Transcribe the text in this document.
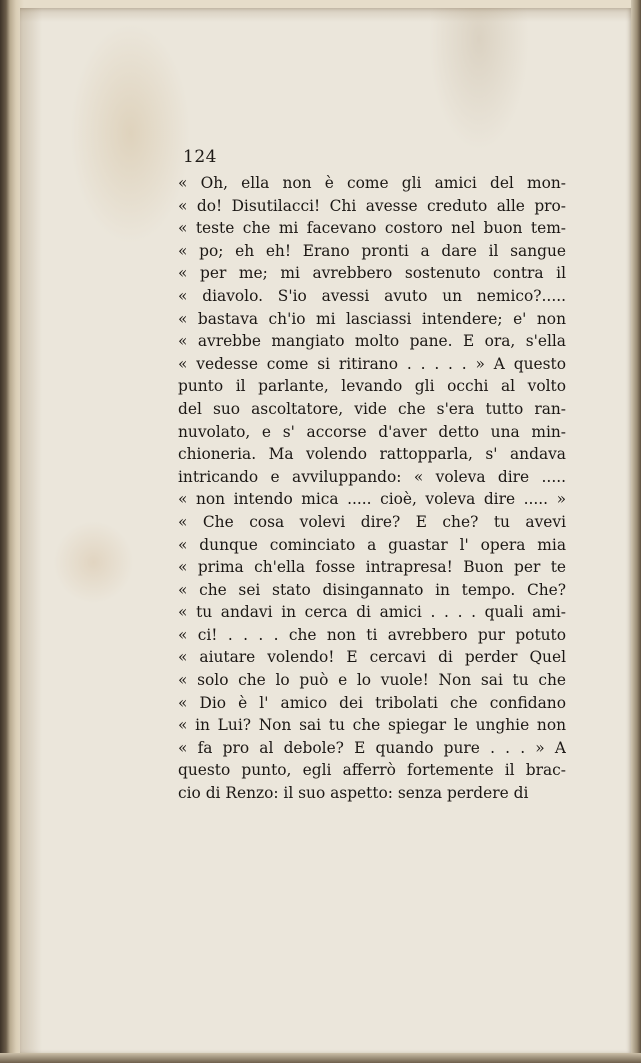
124
« Oh, ella non è come gli amici del mon-
« do! Disutilacci! Chi avesse creduto alle pro-
« teste che mi facevano costoro nel buon tem-
« po; eh eh! Erano pronti a dare il sangue
« per me; mi avrebbero sostenuto contra il
« diavolo. S'io avessi avuto un nemico?.....
« bastava ch'io mi lasciassi intendere; e' non
« avrebbe mangiato molto pane. E ora, s'ella
« vedesse come si ritirano . . . . . » A questo
punto il parlante, levando gli occhi al volto
del suo ascoltatore, vide che s'era tutto ran-
nuvolato, e s' accorse d'aver detto una min-
chioneria. Ma volendo rattopparla, s' andava
intricando e avviluppando: « voleva dire .....
« non intendo mica ..... cioè, voleva dire ..... »
« Che cosa volevi dire? E che? tu avevi
« dunque cominciato a guastar l' opera mia
« prima ch'ella fosse intrapresa! Buon per te
« che sei stato disingannato in tempo. Che?
« tu andavi in cerca di amici . . . . quali ami-
« ci! . . . . che non ti avrebbero pur potuto
« aiutare volendo! E cercavi di perder Quel
« solo che lo può e lo vuole! Non sai tu che
« Dio è l' amico dei tribolati che confidano
« in Lui? Non sai tu che spiegar le unghie non
« fa pro al debole? E quando pure . . . » A
questo punto, egli afferrò fortemente il brac-
cio di Renzo: il suo aspetto: senza perdere di
